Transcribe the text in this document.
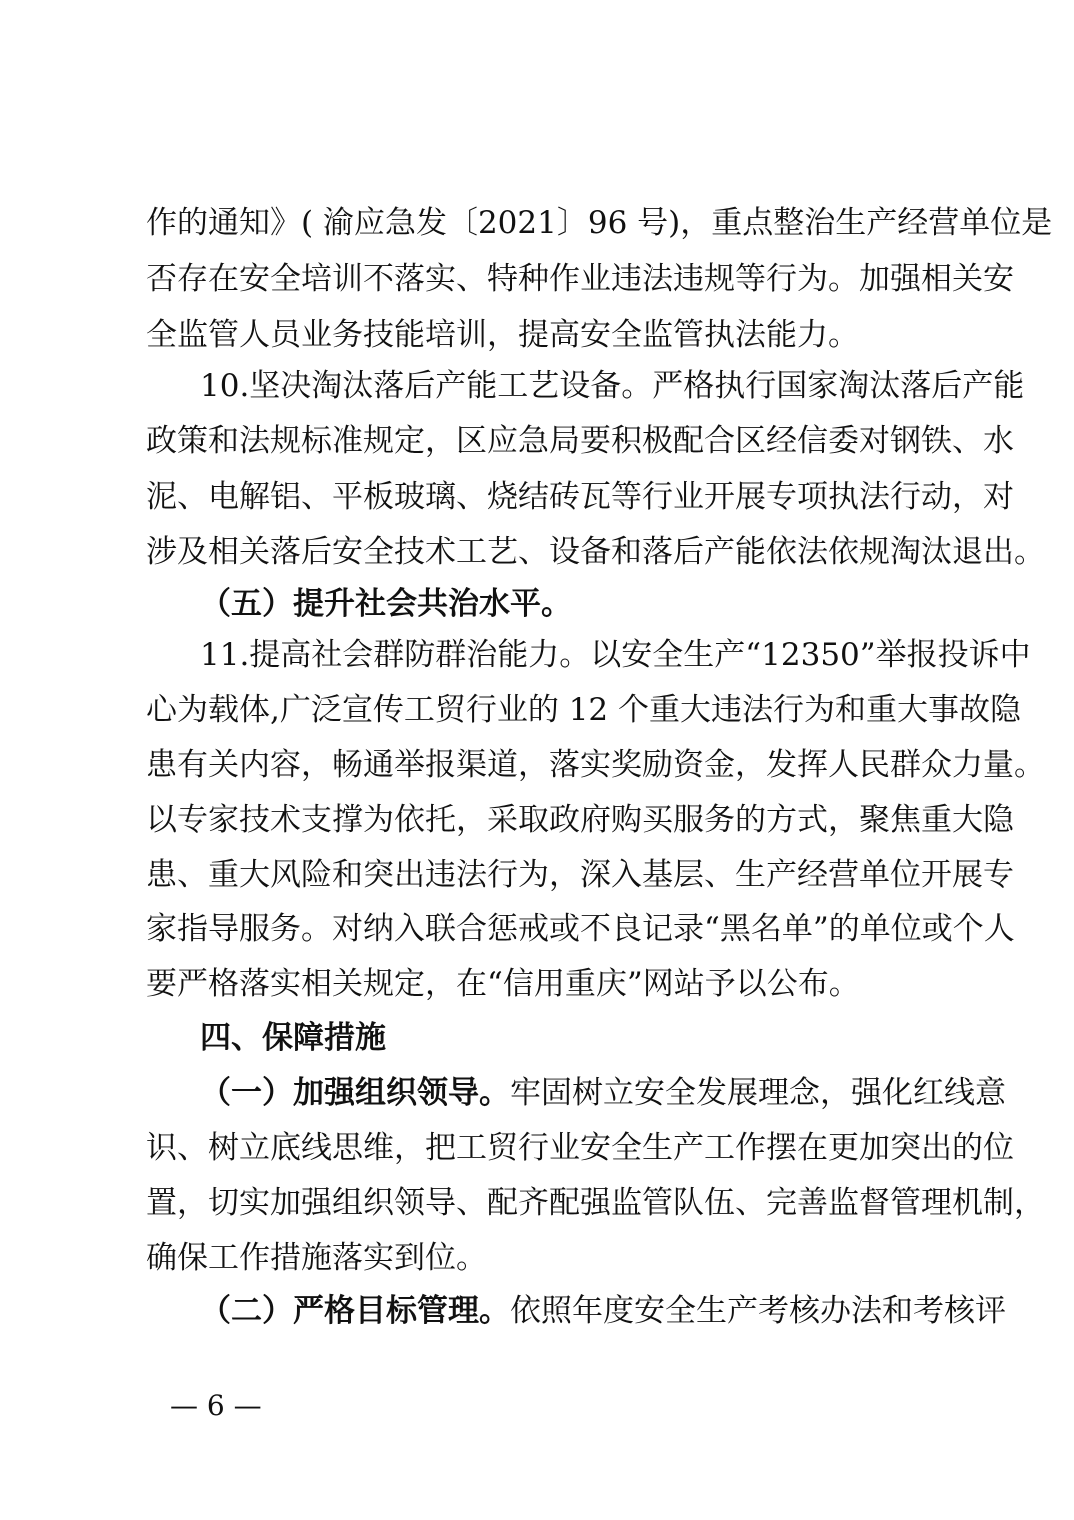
作的通知》( 渝应急发〔2021〕96 号)，重点整治生产经营单位是
否存在安全培训不落实、特种作业违法违规等行为。加强相关安
全监管人员业务技能培训，提高安全监管执法能力。
10.坚决淘汰落后产能工艺设备。严格执行国家淘汰落后产能
政策和法规标准规定，区应急局要积极配合区经信委对钢铁、水
泥、电解铝、平板玻璃、烧结砖瓦等行业开展专项执法行动，对
涉及相关落后安全技术工艺、设备和落后产能依法依规淘汰退出。
（五）提升社会共治水平。
11.提高社会群防群治能力。以安全生产“12350”举报投诉中
心为载体,广泛宣传工贸行业的 12 个重大违法行为和重大事故隐
患有关内容，畅通举报渠道，落实奖励资金，发挥人民群众力量。
以专家技术支撑为依托，采取政府购买服务的方式，聚焦重大隐
患、重大风险和突出违法行为，深入基层、生产经营单位开展专
家指导服务。对纳入联合惩戒或不良记录“黑名单”的单位或个人
要严格落实相关规定，在“信用重庆”网站予以公布。
四、保障措施
（一）加强组织领导。牢固树立安全发展理念，强化红线意
识、树立底线思维，把工贸行业安全生产工作摆在更加突出的位
置，切实加强组织领导、配齐配强监管队伍、完善监督管理机制，
确保工作措施落实到位。
（二）严格目标管理。依照年度安全生产考核办法和考核评
— 6 —
